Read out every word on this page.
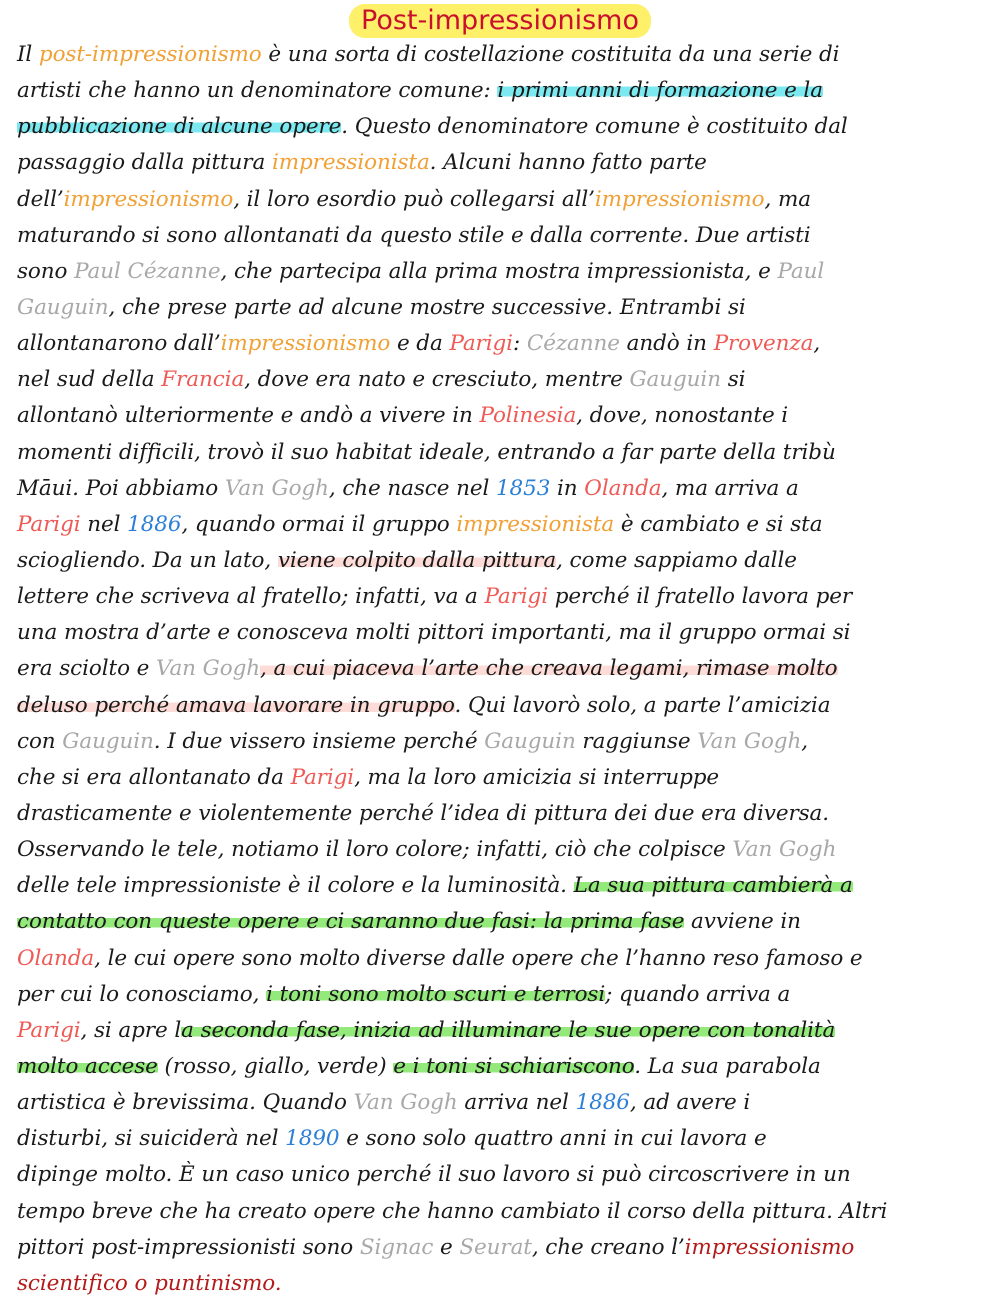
Post-impressionismo
Il post-impressionismo è una sorta di costellazione costituita da una serie di
artisti che hanno un denominatore comune: i primi anni di formazione e la
pubblicazione di alcune opere. Questo denominatore comune è costituito dal
passaggio dalla pittura impressionista. Alcuni hanno fatto parte
dell’impressionismo, il loro esordio può collegarsi all’impressionismo, ma
maturando si sono allontanati da questo stile e dalla corrente. Due artisti
sono Paul Cézanne, che partecipa alla prima mostra impressionista, e Paul
Gauguin, che prese parte ad alcune mostre successive. Entrambi si
allontanarono dall’impressionismo e da Parigi: Cézanne andò in Provenza,
nel sud della Francia, dove era nato e cresciuto, mentre Gauguin si
allontanò ulteriormente e andò a vivere in Polinesia, dove, nonostante i
momenti difficili, trovò il suo habitat ideale, entrando a far parte della tribù
Māui. Poi abbiamo Van Gogh, che nasce nel 1853 in Olanda, ma arriva a
Parigi nel 1886, quando ormai il gruppo impressionista è cambiato e si sta
sciogliendo. Da un lato, viene colpito dalla pittura, come sappiamo dalle
lettere che scriveva al fratello; infatti, va a Parigi perché il fratello lavora per
una mostra d’arte e conosceva molti pittori importanti, ma il gruppo ormai si
era sciolto e Van Gogh, a cui piaceva l’arte che creava legami, rimase molto
deluso perché amava lavorare in gruppo. Qui lavorò solo, a parte l’amicizia
con Gauguin. I due vissero insieme perché Gauguin raggiunse Van Gogh,
che si era allontanato da Parigi, ma la loro amicizia si interruppe
drasticamente e violentemente perché l’idea di pittura dei due era diversa.
Osservando le tele, notiamo il loro colore; infatti, ciò che colpisce Van Gogh
delle tele impressioniste è il colore e la luminosità. La sua pittura cambierà a
contatto con queste opere e ci saranno due fasi: la prima fase avviene in
Olanda, le cui opere sono molto diverse dalle opere che l’hanno reso famoso e
per cui lo conosciamo, i toni sono molto scuri e terrosi; quando arriva a
Parigi, si apre la seconda fase, inizia ad illuminare le sue opere con tonalità
molto accese (rosso, giallo, verde) e i toni si schiariscono. La sua parabola
artistica è brevissima. Quando Van Gogh arriva nel 1886, ad avere i
disturbi, si suiciderà nel 1890 e sono solo quattro anni in cui lavora e
dipinge molto. È un caso unico perché il suo lavoro si può circoscrivere in un
tempo breve che ha creato opere che hanno cambiato il corso della pittura. Altri
pittori post-impressionisti sono Signac e Seurat, che creano l’impressionismo
scientifico o puntinismo.
